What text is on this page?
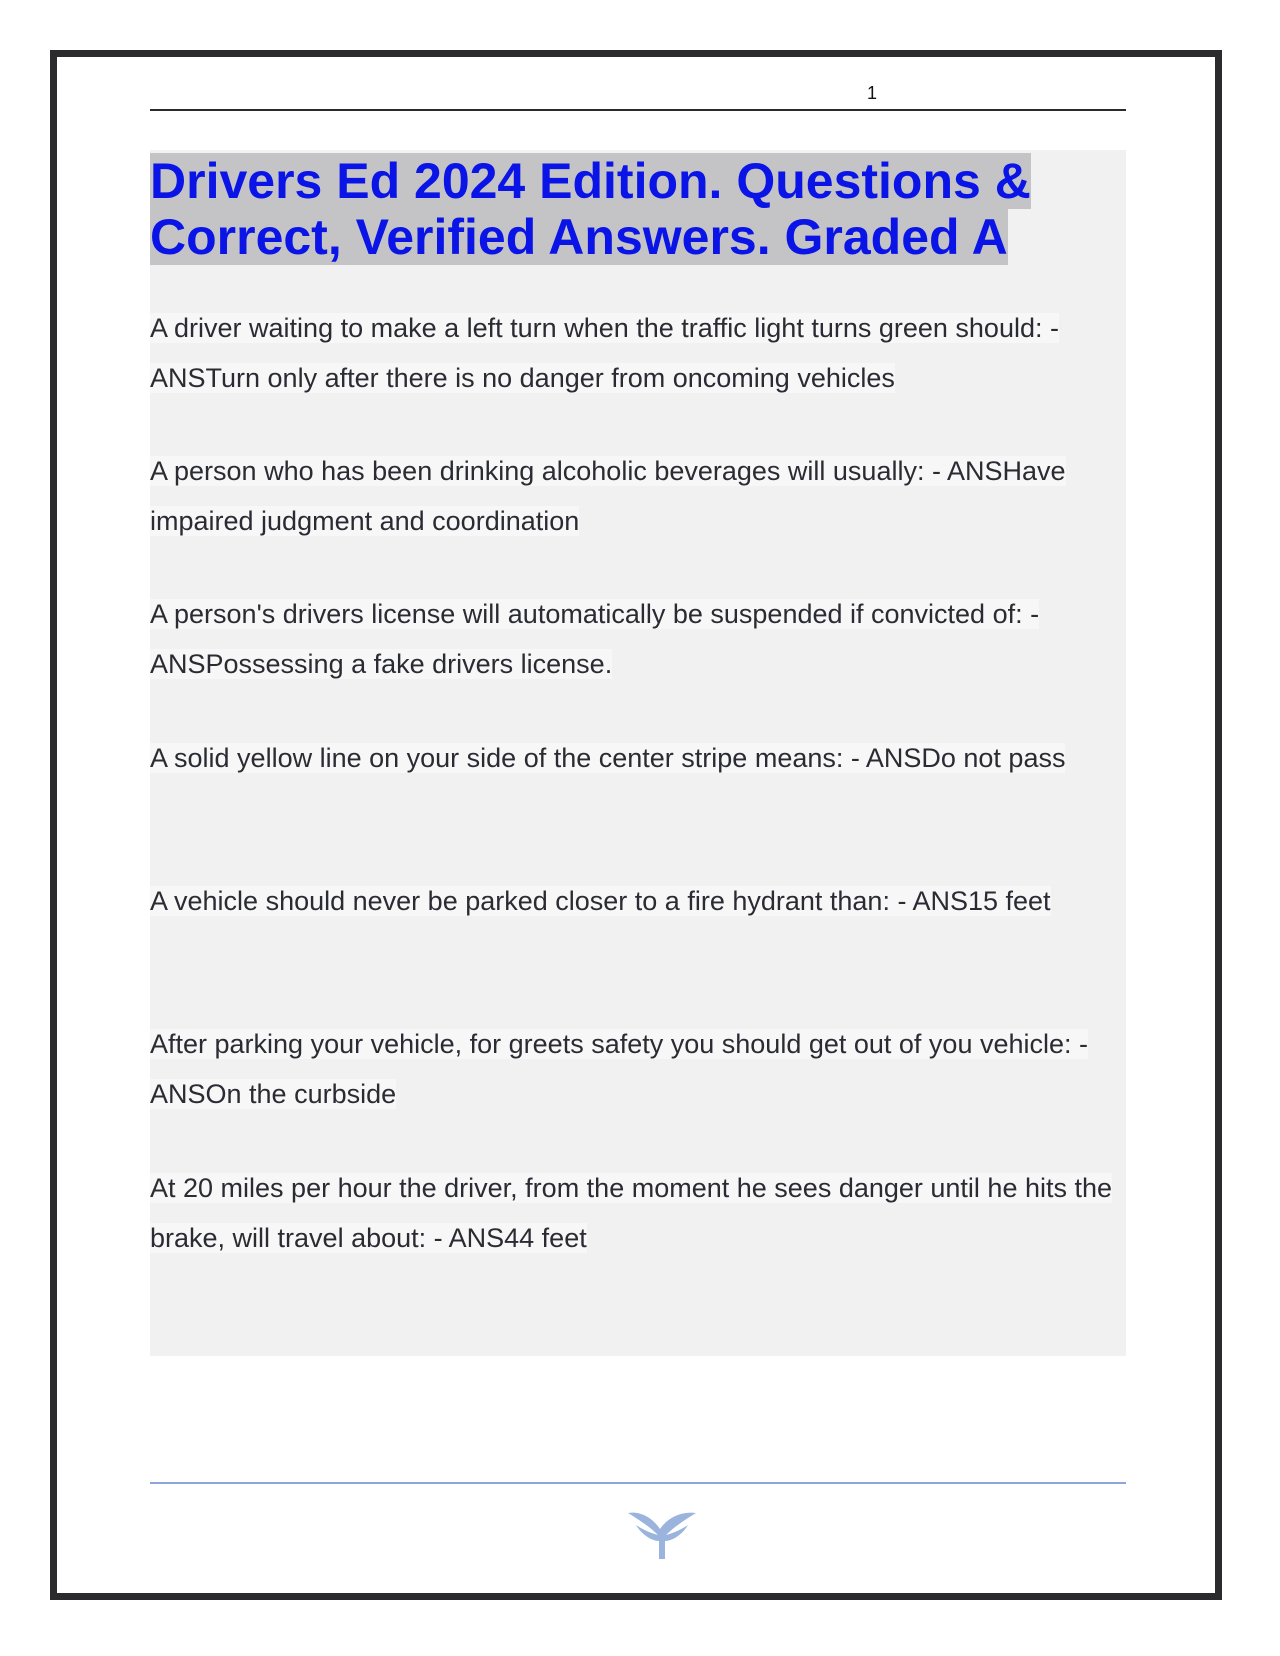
1
Drivers Ed 2024 Edition. Questions & Correct, Verified Answers. Graded A

A driver waiting to make a left turn when the traffic light turns green should: - ANSTurn only after there is no danger from oncoming vehicles

A person who has been drinking alcoholic beverages will usually: - ANSHave impaired judgment and coordination

A person's drivers license will automatically be suspended if convicted of: - ANSPossessing a fake drivers license.

A solid yellow line on your side of the center stripe means: - ANSDo not pass

A vehicle should never be parked closer to a fire hydrant than: - ANS15 feet

After parking your vehicle, for greets safety you should get out of you vehicle: - ANSOn the curbside

At 20 miles per hour the driver, from the moment he sees danger until he hits the brake, will travel about: - ANS44 feet
